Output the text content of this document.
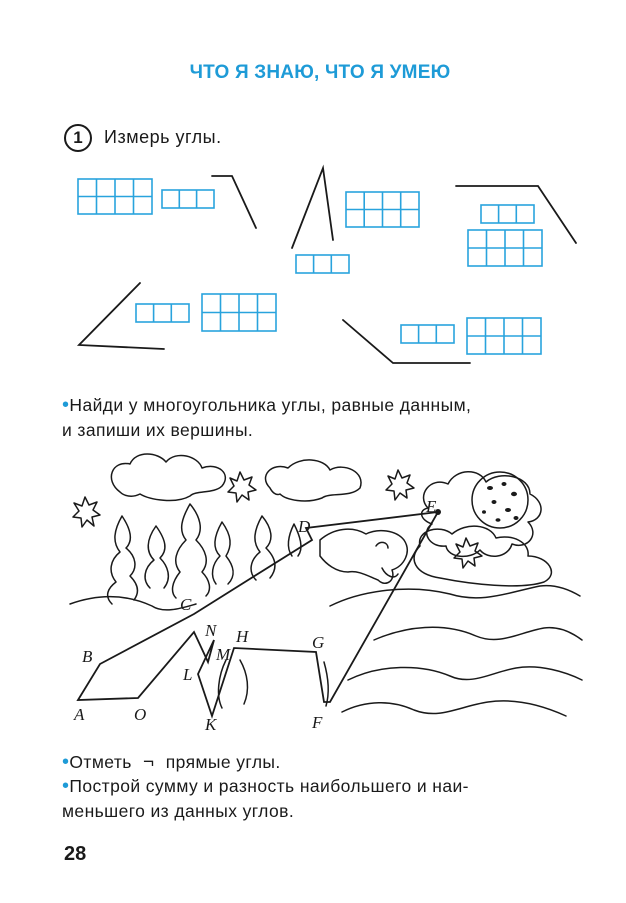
ЧТО Я ЗНАЮ, ЧТО Я УМЕЮ
1	Измерь углы.
A
B
C
D
E
O
N
M
L
K
H	G
F
•Найди у многоугольника углы, равные данным,
и запиши их вершины.
•Отметь ¬ прямые углы.
•Построй сумму и разность наибольшего и наи-
меньшего из данных углов.
28
